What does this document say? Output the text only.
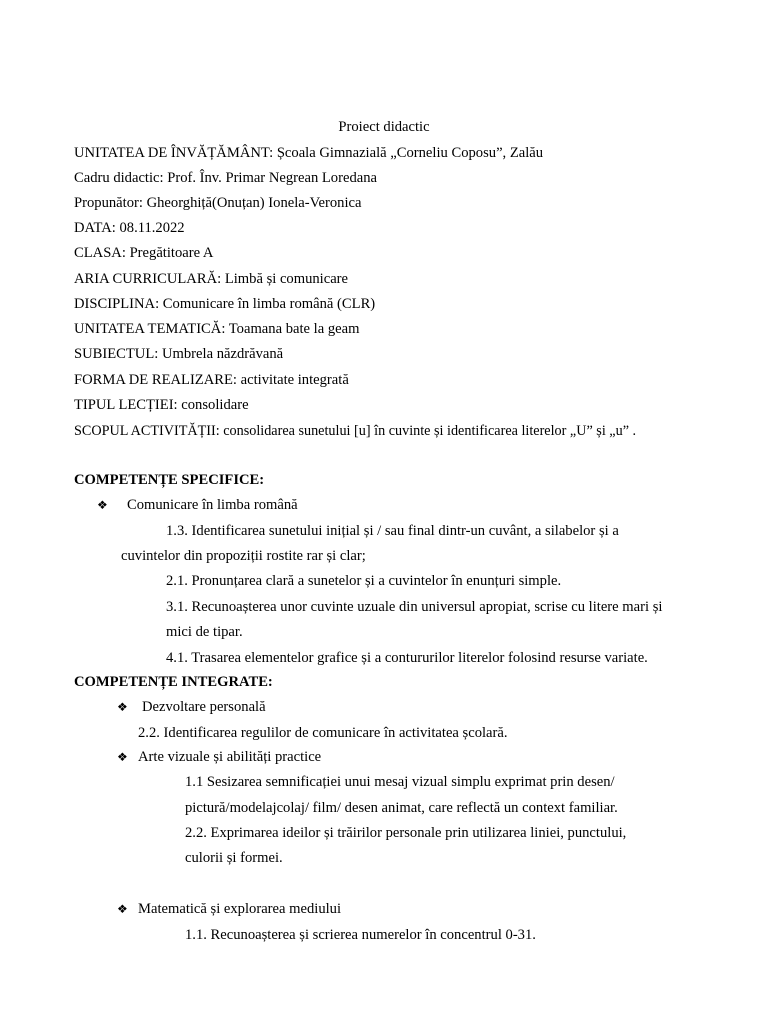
Proiect didactic
UNITATEA DE ÎNVĂȚĂMÂNT: Școala Gimnazială „Corneliu Coposu”, Zalău
Cadru didactic: Prof. Înv. Primar Negrean Loredana
Propunător: Gheorghiță(Onuțan) Ionela-Veronica
DATA: 08.11.2022
CLASA: Pregătitoare A
ARIA CURRICULARĂ: Limbă și comunicare
DISCIPLINA: Comunicare în limba română (CLR)
UNITATEA TEMATICĂ: Toamana bate la geam
SUBIECTUL: Umbrela năzdrăvană
FORMA DE REALIZARE: activitate integrată
TIPUL LECȚIEI: consolidare
SCOPUL ACTIVITĂȚII: consolidarea sunetului [u] în cuvinte și identificarea literelor „U” și „u” .
COMPETENȚE SPECIFICE:
❖ Comunicare în limba română
1.3. Identificarea sunetului inițial și / sau final dintr-un cuvânt, a silabelor și a
cuvintelor din propoziții rostite rar și clar;
2.1. Pronunțarea clară a sunetelor și a cuvintelor în enunțuri simple.
3.1. Recunoașterea unor cuvinte uzuale din universul apropiat, scrise cu litere mari și
mici de tipar.
4.1. Trasarea elementelor grafice și a contururilor literelor folosind resurse variate.
COMPETENȚE INTEGRATE:
❖ Dezvoltare personală
2.2. Identificarea regulilor de comunicare în activitatea școlară.
❖ Arte vizuale și abilități practice
1.1 Sesizarea semnificației unui mesaj vizual simplu exprimat prin desen/
pictură/modelajcolaj/ film/ desen animat, care reflectă un context familiar.
2.2. Exprimarea ideilor și trăirilor personale prin utilizarea liniei, punctului,
culorii și formei.
❖ Matematică și explorarea mediului
1.1. Recunoașterea și scrierea numerelor în concentrul 0-31.
